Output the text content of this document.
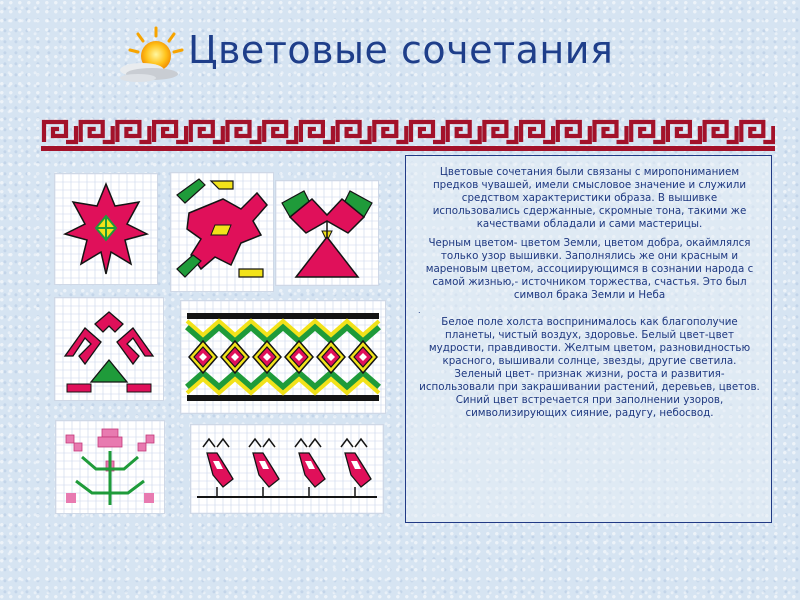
Цветовые сочетания

Цветовые сочетания были связаны с миропониманием предков чувашей, имели смысловое значение и служили средством характеристики образа. В вышивке использовались сдержанные, скромные тона, такими же качествами обладали и сами мастерицы.

Черным цветом- цветом Земли, цветом добра, окаймлялся только узор вышивки. Заполнялись же они красным и мареновым цветом, ассоциирующимся в сознании народа с самой жизнью,- источником торжества, счастья. Это был символ брака Земли и Неба

.

Белое поле холста воспринималось как благополучие планеты, чистый воздух, здоровье. Белый цвет-цвет мудрости, правдивости. Желтым цветом, разновидностью красного, вышивали солнце, звезды, другие светила. Зеленый цвет- признак жизни, роста и развития- использовали при закрашивании растений, деревьев, цветов. Синий цвет встречается при заполнении узоров, символизирующих сияние, радугу, небосвод.
